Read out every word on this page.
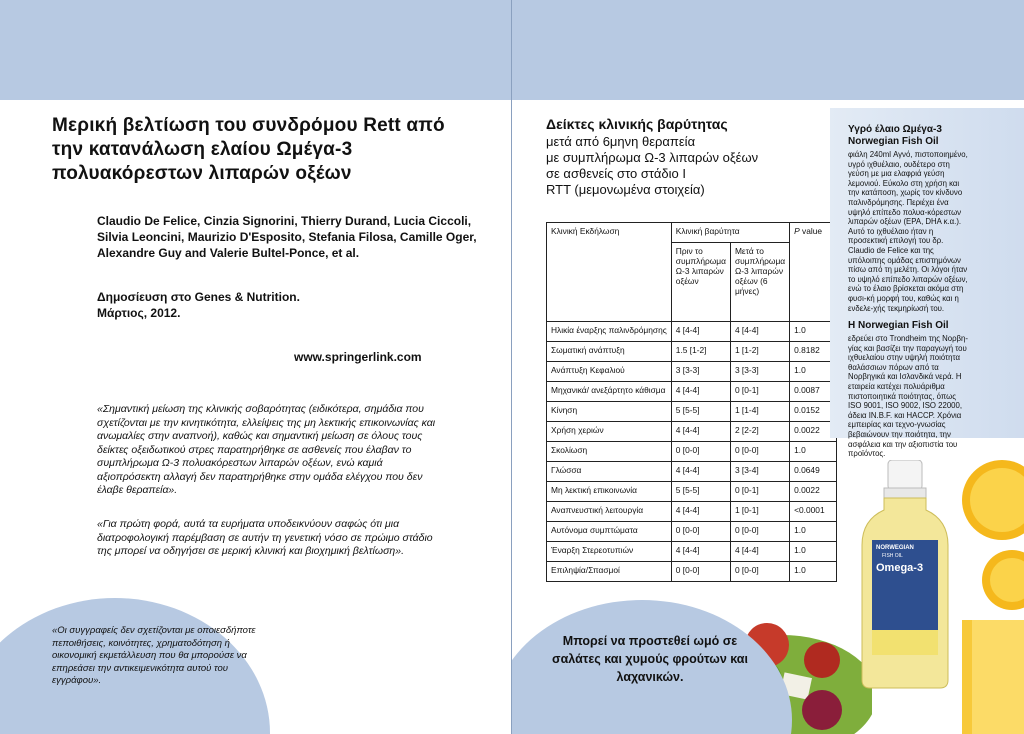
Μερική βελτίωση του συνδρόμου Rett από την κατανάλωση ελαίου Ωμέγα-3 πολυακόρεστων λιπαρών οξέων
Claudio De Felice, Cinzia Signorini, Thierry Durand, Lucia Ciccoli, Silvia Leoncini, Maurizio D'Esposito, Stefania Filosa, Camille Oger, Alexandre Guy and Valerie Bultel-Ponce, et al.
Δημοσίευση στο Genes & Nutrition.
Μάρτιος, 2012.
www.springerlink.com
«Σημαντική μείωση της κλινικής σοβαρότητας (ειδικότερα, σημάδια που σχετίζονται με την κινητικότητα, ελλείψεις της μη λεκτικής επικοινωνίας και ανωμαλίες στην αναπνοή), καθώς και σημαντική μείωση σε όλους τους δείκτες οξειδωτικού στρες παρατηρήθηκε σε ασθενείς που έλαβαν το συμπλήρωμα Ω-3 πολυακόρεστων λιπαρών οξέων, ενώ καμιά αξιοπρόσεκτη αλλαγή δεν παρατηρήθηκε στην ομάδα ελέγχου που δεν έλαβε θεραπεία».
«Για πρώτη φορά, αυτά τα ευρήματα υποδεικνύουν σαφώς ότι μια διατροφολογική παρέμβαση σε αυτήν τη γενετική νόσο σε πρώιμο στάδιο της μπορεί να οδηγήσει σε μερική κλινική και βιοχημική βελτίωση».
«Οι συγγραφείς δεν σχετίζονται με οποιεσδήποτε πεποιθήσεις, κοινότητες, χρηματοδότηση ή οικονομική εκμετάλλευση που θα μπορούσε να επηρεάσει την αντικειμενικότητα αυτού του εγγράφου».
Δείκτες κλινικής βαρύτητας
μετά από 6μηνη θεραπεία
με συμπλήρωμα Ω-3 λιπαρών οξέων
σε ασθενείς στο στάδιο I
RTT (μεμονωμένα στοιχεία)
Κλινική Εκδήλωση	Κλινική βαρύτητα		P value
	Πριν το συμπλήρωμα Ω-3 λιπαρών οξέων	Μετά το συμπλήρωμα Ω-3 λιπαρών οξέων (6 μήνες)	
Ηλικία έναρξης παλινδρόμησης	4 [4-4]	4 [4-4]	1.0
Σωματική ανάπτυξη	1.5 [1-2]	1 [1-2]	0.8182
Ανάπτυξη Κεφαλιού	3 [3-3]	3 [3-3]	1.0
Μηχανικά/ ανεξάρτητο κάθισμα	4 [4-4]	0 [0-1]	0.0087
Κίνηση	5 [5-5]	1 [1-4]	0.0152
Χρήση χεριών	4 [4-4]	2 [2-2]	0.0022
Σκολίωση	0 [0-0]	0 [0-0]	1.0
Γλώσσα	4 [4-4]	3 [3-4]	0.0649
Μη λεκτική επικοινωνία	5 [5-5]	0 [0-1]	0.0022
Αναπνευστική λειτουργία	4 [4-4]	1 [0-1]	<0.0001
Αυτόνομα συμπτώματα	0 [0-0]	0 [0-0]	1.0
Έναρξη Στερεοτυπιών	4 [4-4]	4 [4-4]	1.0
Επιληψία/Σπασμοί	0 [0-0]	0 [0-0]	1.0
Υγρό έλαιο Ωμέγα-3 Norwegian Fish Oil
φιάλη 240ml Αγνό, πιστοποιημένο, υγρό ιχθυέλαιο, ουδέτερο στη γεύση με μια ελαφριά γεύση λεμονιού. Εύκολο στη χρήση και την κατάποση, χωρίς τον κίνδυνο παλινδρόμησης. Περιέχει ένα υψηλό επίπεδο πολυα-κόρεστων λιπαρών οξέων (EPA, DHA κ.α.). Αυτό το ιχθυέλαιο ήταν η προσεκτική επιλογή του δρ. Claudio de Felice και της υπόλοιπης ομάδας επιστημόνων πίσω από τη μελέτη. Οι λόγοι ήταν το υψηλό επίπεδο λιπαρών οξέων, ενώ το έλαιο βρίσκεται ακόμα στη φυσι-κή μορφή του, καθώς και η ενδελε-χής τεκμηρίωσή του.
Η Norwegian Fish Oil
εδρεύει στο Trondheim της Νορβη-γίας και βασίζει την παραγωγή του ιχθυελαίου στην υψηλή ποιότητα θαλάσσιων πόρων από τα Νορβηγικά και Ισλανδικά νερά. Η εταιρεία κατέχει πολυάριθμα πιστοποιητικά ποιότητας, όπως ISO 9001, ISO 9002, ISO 22000, άδεια IN.B.F. και HACCP. Χρόνια εμπειρίας και τεχνο-γνωσίας βεβαιώνουν την ποιότητα, την ασφάλεια και την αξιοπιστία του προϊόντος.
NORWEGIAN
FISH OIL
Omega-3
Μπορεί να προστεθεί ωμό σε σαλάτες και χυμούς φρούτων και λαχανικών.
